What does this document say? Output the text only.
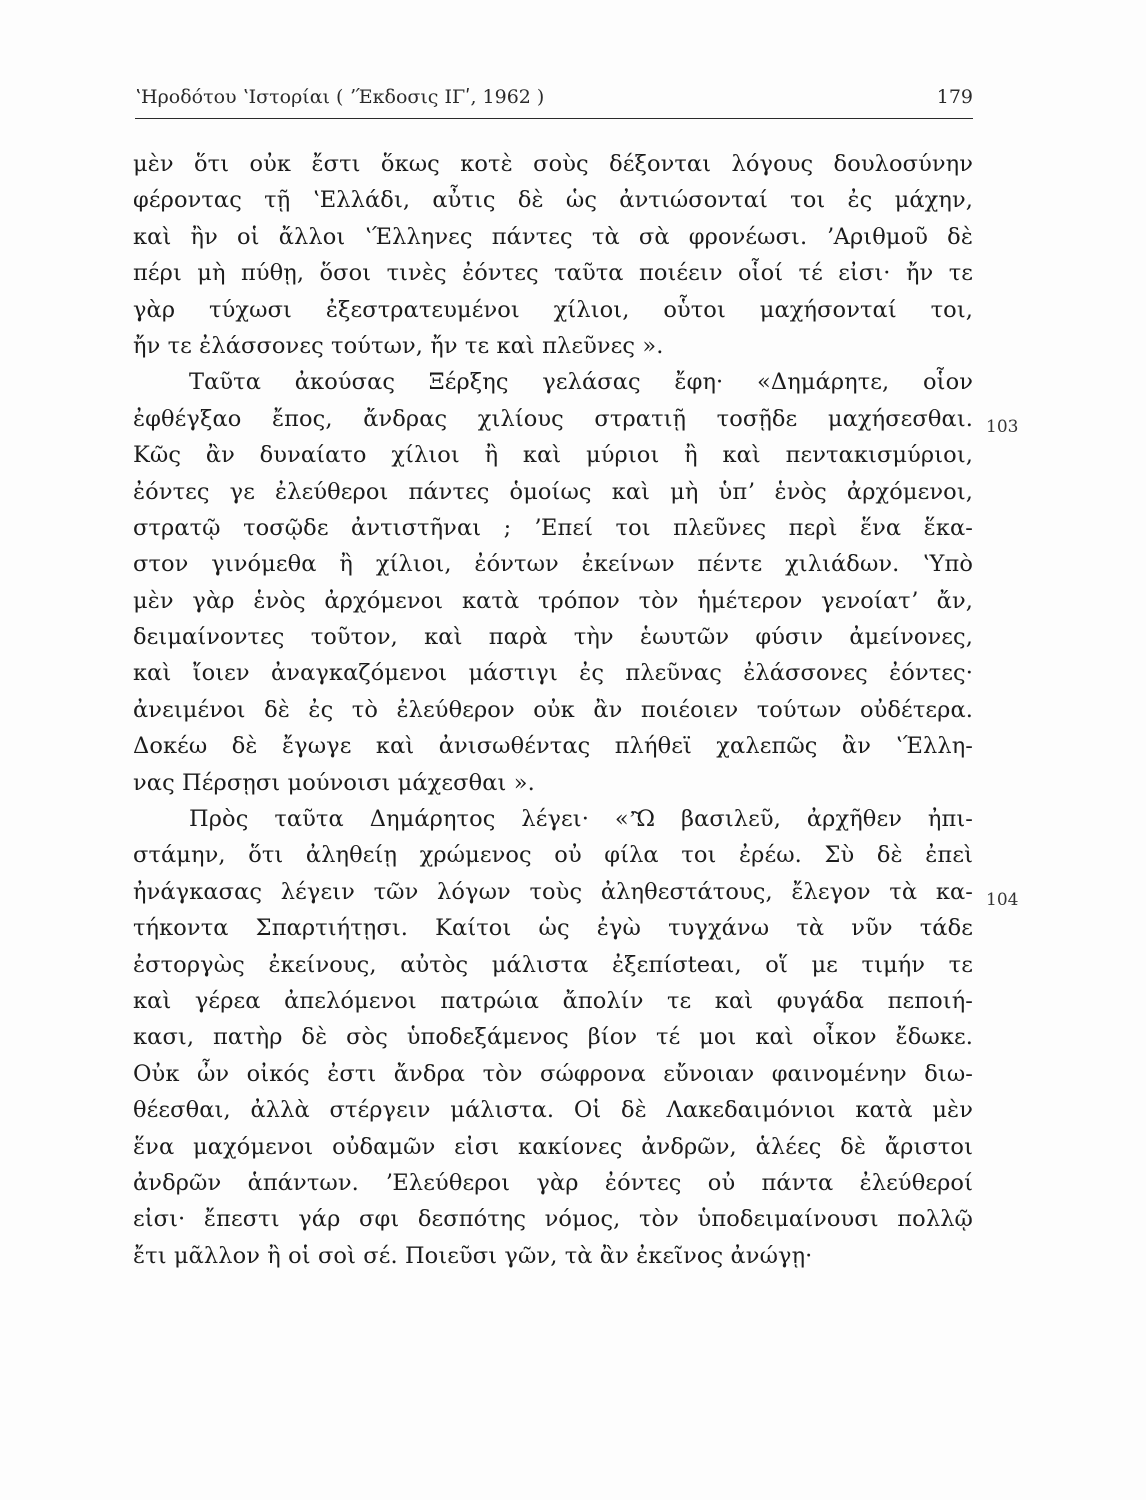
ʽΗροδότου ʽΙστορίαι ( ʼΈκδοσις ΙΓʹ, 1962 )	179
103
104
μὲν ὅτι οὐκ ἔστι ὅκως κοτὲ σοὺς δέξονται λόγους δουλοσύνην
φέροντας τῇ ʽΕλλάδι, αὖτις δὲ ὡς ἀντιώσονταί τοι ἐς μάχην,
καὶ ἢν οἱ ἄλλοι ʽΈλληνες πάντες τὰ σὰ φρονέωσι. ʼΑριθμοῦ δὲ
πέρι μὴ πύθῃ, ὅσοι τινὲς ἐόντες ταῦτα ποιέειν οἷοί τέ εἰσι· ἤν τε
γὰρ τύχωσι ἐξεστρατευμένοι χίλιοι, οὗτοι μαχήσονταί τοι,
ἤν τε ἐλάσσονες τούτων, ἤν τε καὶ πλεῦνες ».
Ταῦτα ἀκούσας Ξέρξης γελάσας ἔφη· «Δημάρητε, οἷον
ἐφθέγξαο ἔπος, ἄνδρας χιλίους στρατιῇ τοσῇδε μαχήσεσθαι.
Κῶς ἂν δυναίατο χίλιοι ἢ καὶ μύριοι ἢ καὶ πεντακισμύριοι,
ἐόντες γε ἐλεύθεροι πάντες ὁμοίως καὶ μὴ ὑπʼ ἑνὸς ἀρχόμενοι,
στρατῷ τοσῷδε ἀντιστῆναι ; ʼΕπεί τοι πλεῦνες περὶ ἕνα ἕκα-
στον γινόμεθα ἢ χίλιοι, ἐόντων ἐκείνων πέντε χιλιάδων. ʽΥπὸ
μὲν γὰρ ἑνὸς ἀρχόμενοι κατὰ τρόπον τὸν ἡμέτερον γενοίατʼ ἄν,
δειμαίνοντες τοῦτον, καὶ παρὰ τὴν ἑωυτῶν φύσιν ἀμείνονες,
καὶ ἴοιεν ἀναγκαζόμενοι μάστιγι ἐς πλεῦνας ἐλάσσονες ἐόντες·
ἀνειμένοι δὲ ἐς τὸ ἐλεύθερον οὐκ ἂν ποιέοιεν τούτων οὐδέτερα.
Δοκέω δὲ ἔγωγε καὶ ἀνισωθέντας πλήθεϊ χαλεπῶς ἂν ʽΈλλη-
νας Πέρσῃσι μούνοισι μάχεσθαι ».
Πρὸς ταῦτα Δημάρητος λέγει· «ʼ͂Ω βασιλεῦ, ἀρχῆθεν ἠπι-
στάμην, ὅτι ἀληθείῃ χρώμενος οὐ φίλα τοι ἐρέω. Σὺ δὲ ἐπεὶ
ἠνάγκασας λέγειν τῶν λόγων τοὺς ἀληθεστάτους, ἔλεγον τὰ κα-
τήκοντα Σπαρτιήτῃσι. Καίτοι ὡς ἐγὼ τυγχάνω τὰ νῦν τάδε
ἐστοργὼς ἐκείνους, αὐτὸς μάλιστα ἐξεπίσteαι, οἵ με τιμήν τε
καὶ γέρεα ἀπελόμενοι πατρώια ἄπολίν τε καὶ φυγάδα πεποιή-
κασι, πατὴρ δὲ σὸς ὑποδεξάμενος βίον τέ μοι καὶ οἶκον ἔδωκε.
Οὐκ ὦν οἰκός ἐστι ἄνδρα τὸν σώφρονα εὔνοιαν φαινομένην διω-
θέεσθαι, ἀλλὰ στέργειν μάλιστα. Οἱ δὲ Λακεδαιμόνιοι κατὰ μὲν
ἕνα μαχόμενοι οὐδαμῶν εἰσι κακίονες ἀνδρῶν, ἁλέες δὲ ἄριστοι
ἀνδρῶν ἁπάντων. ʼΕλεύθεροι γὰρ ἐόντες οὐ πάντα ἐλεύθεροί
εἰσι· ἔπεστι γάρ σφι δεσπότης νόμος, τὸν ὑποδειμαίνουσι πολλῷ
ἔτι μᾶλλον ἢ οἱ σοὶ σέ. Ποιεῦσι γῶν, τὰ ἂν ἐκεῖνος ἀνώγῃ·
